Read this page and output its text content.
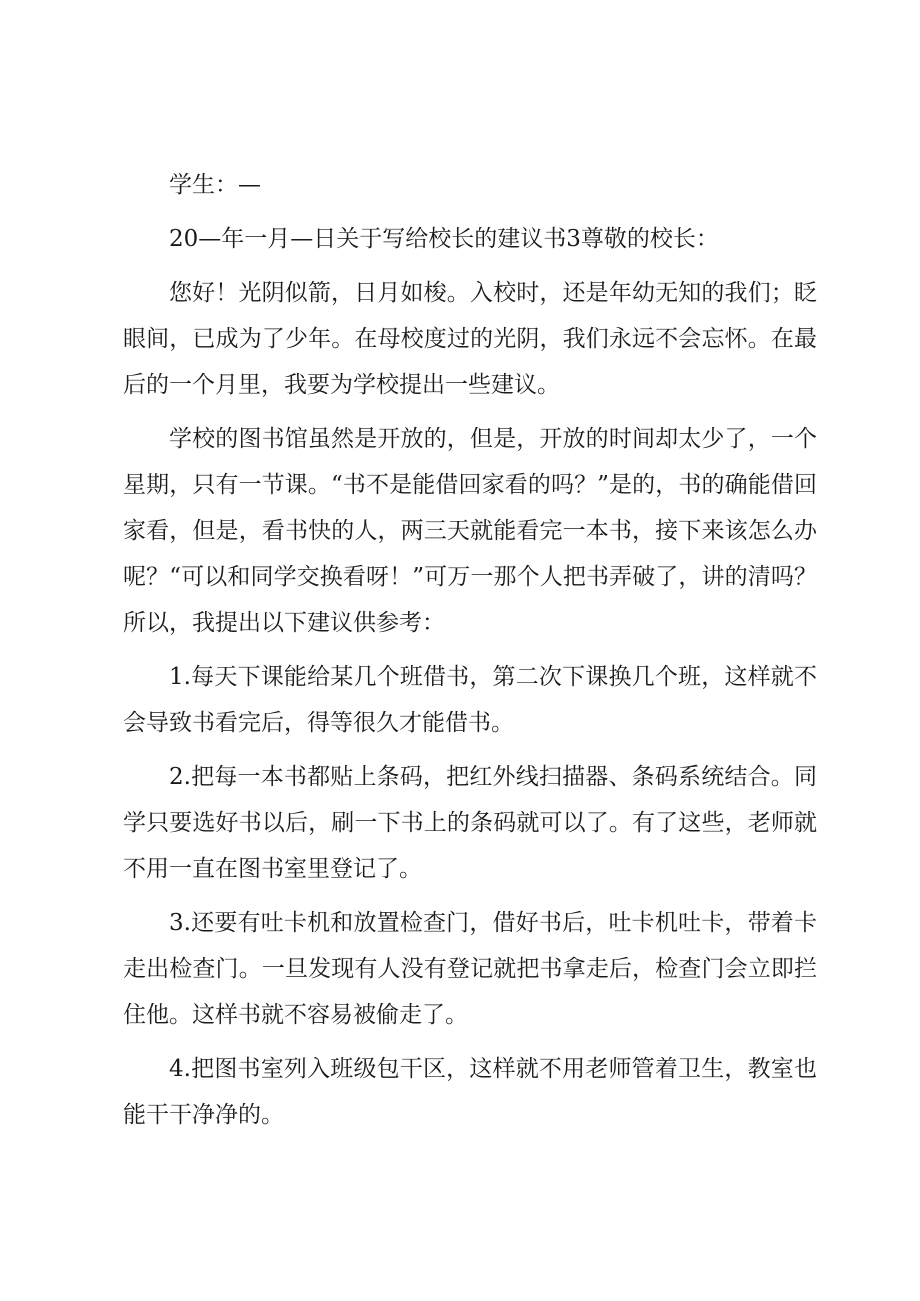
学生：—

20—年一月—日关于写给校长的建议书3尊敬的校长：

您好！光阴似箭，日月如梭。入校时，还是年幼无知的我们；眨眼间，已成为了少年。在母校度过的光阴，我们永远不会忘怀。在最后的一个月里，我要为学校提出一些建议。

学校的图书馆虽然是开放的，但是，开放的时间却太少了，一个星期，只有一节课。“书不是能借回家看的吗？”是的，书的确能借回家看，但是，看书快的人，两三天就能看完一本书，接下来该怎么办呢？“可以和同学交换看呀！”可万一那个人把书弄破了，讲的清吗？所以，我提出以下建议供参考：

1.每天下课能给某几个班借书，第二次下课换几个班，这样就不会导致书看完后，得等很久才能借书。

2.把每一本书都贴上条码，把红外线扫描器、条码系统结合。同学只要选好书以后，刷一下书上的条码就可以了。有了这些，老师就不用一直在图书室里登记了。

3.还要有吐卡机和放置检查门，借好书后，吐卡机吐卡，带着卡走出检查门。一旦发现有人没有登记就把书拿走后，检查门会立即拦住他。这样书就不容易被偷走了。

4.把图书室列入班级包干区，这样就不用老师管着卫生，教室也能干干净净的。
